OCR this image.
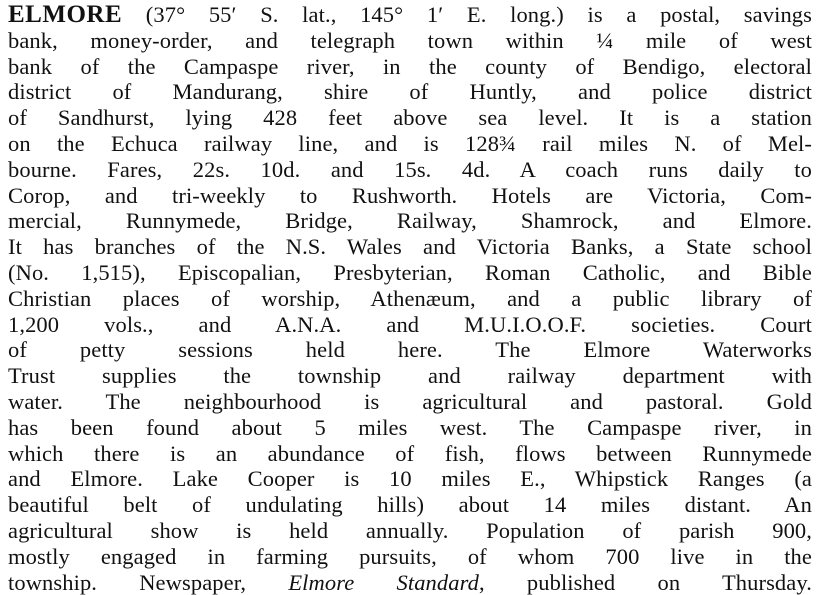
ELMORE (37° 55′ S. lat., 145° 1′ E. long.) is a postal, savings
bank, money-order, and telegraph town within ¼ mile of west
bank of the Campaspe river, in the county of Bendigo, electoral
district of Mandurang, shire of Huntly, and police district
of Sandhurst, lying 428 feet above sea level. It is a station
on the Echuca railway line, and is 128¾ rail miles N. of Mel-
bourne. Fares, 22s. 10d. and 15s. 4d. A coach runs daily to
Corop, and tri-weekly to Rushworth. Hotels are Victoria, Com-
mercial, Runnymede, Bridge, Railway, Shamrock, and Elmore.
It has branches of the N.S. Wales and Victoria Banks, a State school
(No. 1,515), Episcopalian, Presbyterian, Roman Catholic, and Bible
Christian places of worship, Athenæum, and a public library of
1,200 vols., and A.N.A. and M.U.I.O.O.F. societies. Court
of petty sessions held here. The Elmore Waterworks
Trust supplies the township and railway department with
water. The neighbourhood is agricultural and pastoral. Gold
has been found about 5 miles west. The Campaspe river, in
which there is an abundance of fish, flows between Runnymede
and Elmore. Lake Cooper is 10 miles E., Whipstick Ranges (a
beautiful belt of undulating hills) about 14 miles distant. An
agricultural show is held annually. Population of parish 900,
mostly engaged in farming pursuits, of whom 700 live in the
township. Newspaper, Elmore Standard, published on Thursday.
